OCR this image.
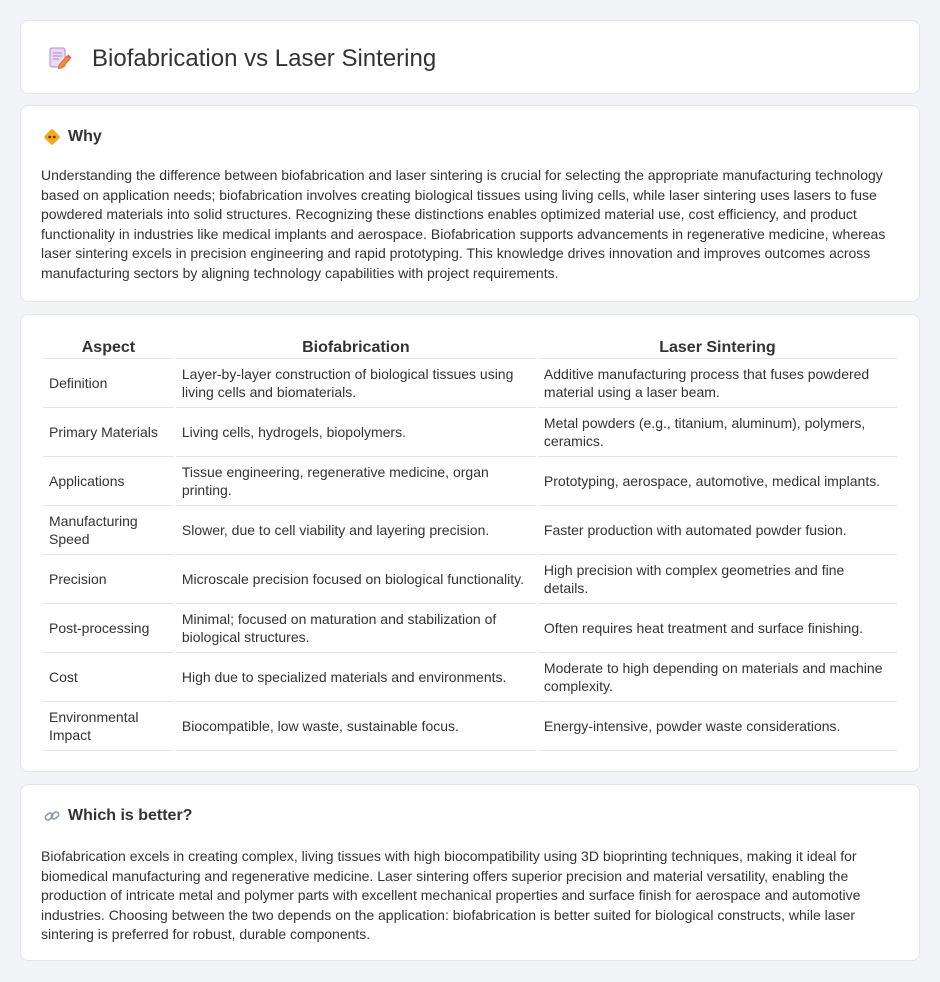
Biofabrication vs Laser Sintering
Why

Understanding the difference between biofabrication and laser sintering is crucial for selecting the appropriate manufacturing technology based on application needs; biofabrication involves creating biological tissues using living cells, while laser sintering uses lasers to fuse powdered materials into solid structures. Recognizing these distinctions enables optimized material use, cost efficiency, and product functionality in industries like medical implants and aerospace. Biofabrication supports advancements in regenerative medicine, whereas laser sintering excels in precision engineering and rapid prototyping. This knowledge drives innovation and improves outcomes across manufacturing sectors by aligning technology capabilities with project requirements.

Aspect	Biofabrication	Laser Sintering
Definition	Layer-by-layer construction of biological tissues using living cells and biomaterials.	Additive manufacturing process that fuses powdered material using a laser beam.
Primary Materials	Living cells, hydrogels, biopolymers.	Metal powders (e.g., titanium, aluminum), polymers, ceramics.
Applications	Tissue engineering, regenerative medicine, organ printing.	Prototyping, aerospace, automotive, medical implants.
Manufacturing Speed	Slower, due to cell viability and layering precision.	Faster production with automated powder fusion.
Precision	Microscale precision focused on biological functionality.	High precision with complex geometries and fine details.
Post-processing	Minimal; focused on maturation and stabilization of biological structures.	Often requires heat treatment and surface finishing.
Cost	High due to specialized materials and environments.	Moderate to high depending on materials and machine complexity.
Environmental Impact	Biocompatible, low waste, sustainable focus.	Energy-intensive, powder waste considerations.
Which is better?

Biofabrication excels in creating complex, living tissues with high biocompatibility using 3D bioprinting techniques, making it ideal for biomedical manufacturing and regenerative medicine. Laser sintering offers superior precision and material versatility, enabling the production of intricate metal and polymer parts with excellent mechanical properties and surface finish for aerospace and automotive industries. Choosing between the two depends on the application: biofabrication is better suited for biological constructs, while laser sintering is preferred for robust, durable components.
